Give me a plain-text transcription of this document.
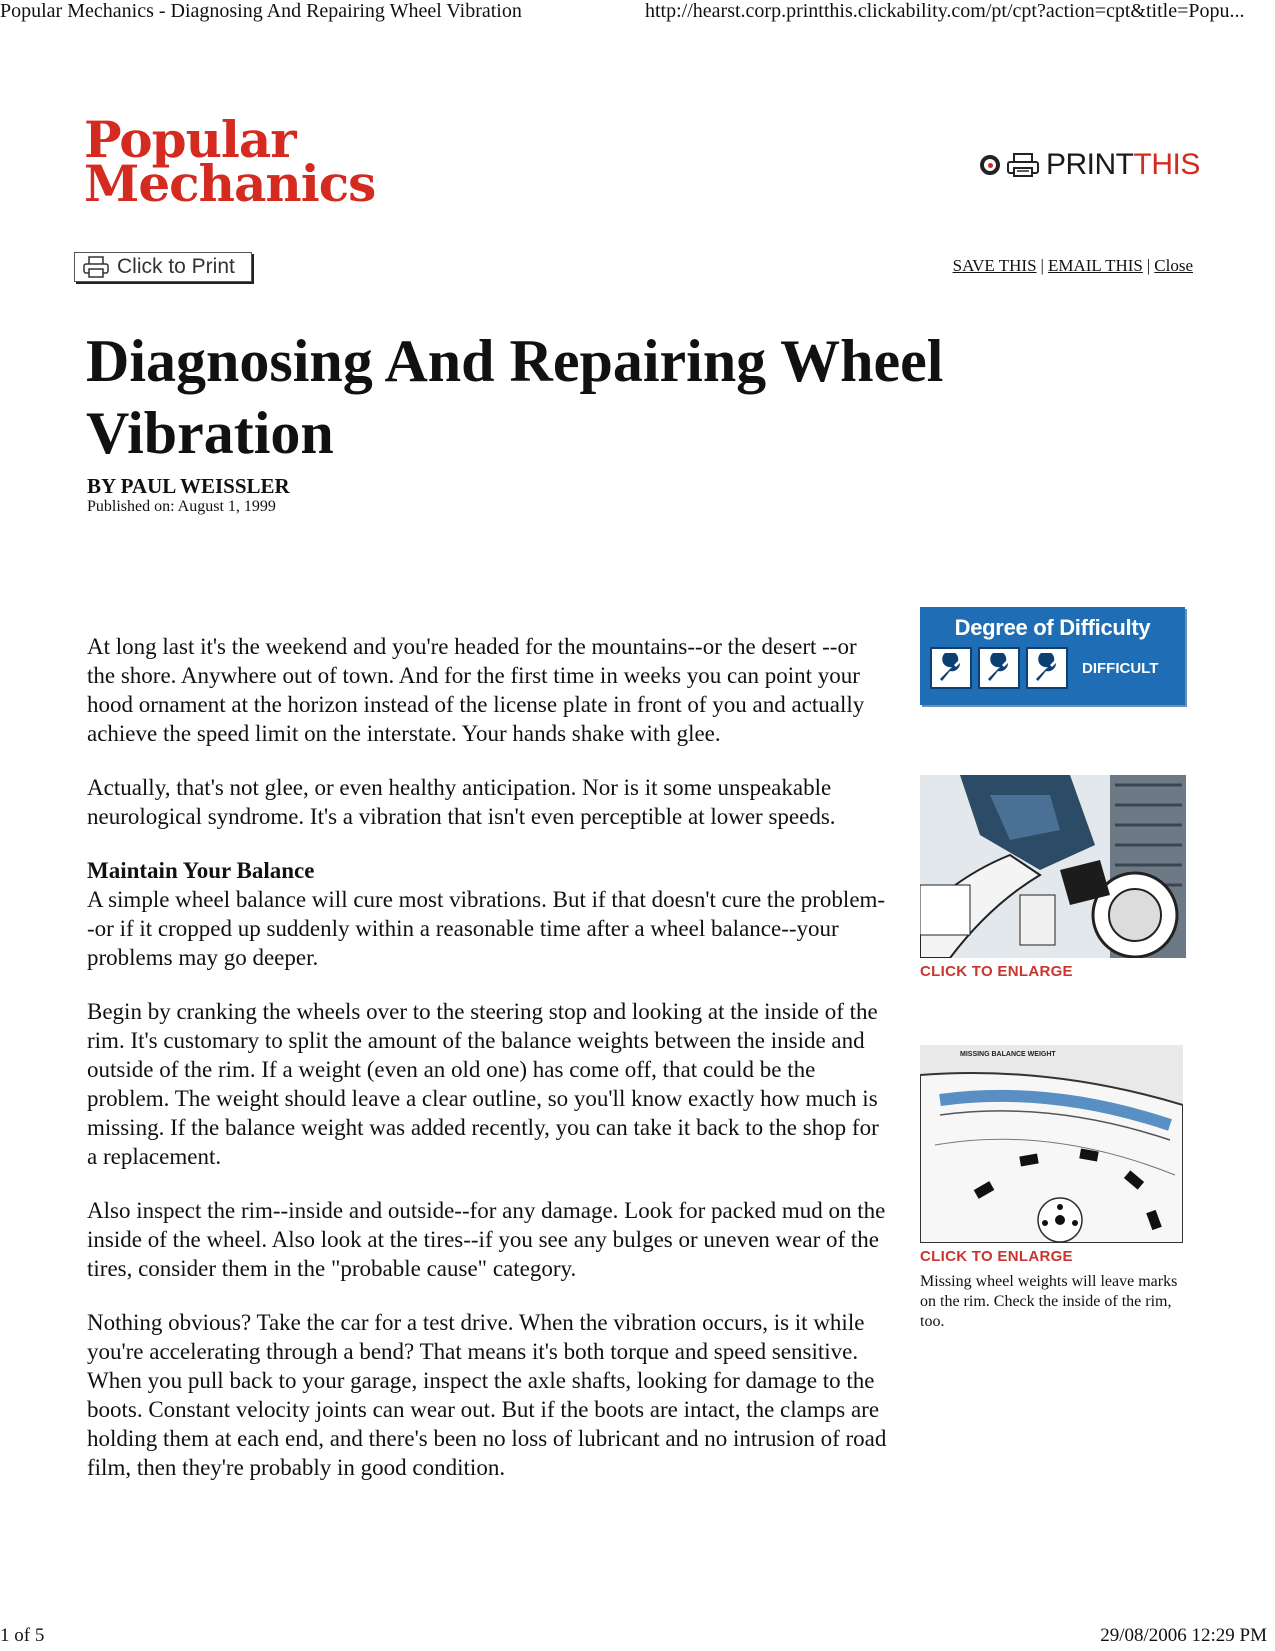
Popular Mechanics - Diagnosing And Repairing Wheel Vibration	http://hearst.corp.printthis.clickability.com/pt/cpt?action=cpt&title=Popu...
Popular
Mechanics	PRINTTHIS
Click to Print	SAVE THIS | EMAIL THIS | Close
Diagnosing And Repairing Wheel Vibration
BY PAUL WEISSLER
Published on: August 1, 1999

At long last it's the weekend and you're headed for the mountains--or the desert --or the shore. Anywhere out of town. And for the first time in weeks you can point your hood ornament at the horizon instead of the license plate in front of you and actually achieve the speed limit on the interstate. Your hands shake with glee.

Actually, that's not glee, or even healthy anticipation. Nor is it some unspeakable neurological syndrome. It's a vibration that isn't even perceptible at lower speeds.

Maintain Your Balance

A simple wheel balance will cure most vibrations. But if that doesn't cure the problem--or if it cropped up suddenly within a reasonable time after a wheel balance--your problems may go deeper.

Begin by cranking the wheels over to the steering stop and looking at the inside of the rim. It's customary to split the amount of the balance weights between the inside and outside of the rim. If a weight (even an old one) has come off, that could be the problem. The weight should leave a clear outline, so you'll know exactly how much is missing. If the balance weight was added recently, you can take it back to the shop for a replacement.

Also inspect the rim--inside and outside--for any damage. Look for packed mud on the inside of the wheel. Also look at the tires--if you see any bulges or uneven wear of the tires, consider them in the "probable cause" category.

Nothing obvious? Take the car for a test drive. When the vibration occurs, is it while you're accelerating through a bend? That means it's both torque and speed sensitive. When you pull back to your garage, inspect the axle shafts, looking for damage to the boots. Constant velocity joints can wear out. But if the boots are intact, the clamps are holding them at each end, and there's been no loss of lubricant and no intrusion of road film, then they're probably in good condition.

Degree of Difficulty
DIFFICULT
CLICK TO ENLARGE
MISSING BALANCE WEIGHT
CLICK TO ENLARGE
Missing wheel weights will leave marks on the rim. Check the inside of the rim, too.
1 of 5	29/08/2006 12:29 PM
